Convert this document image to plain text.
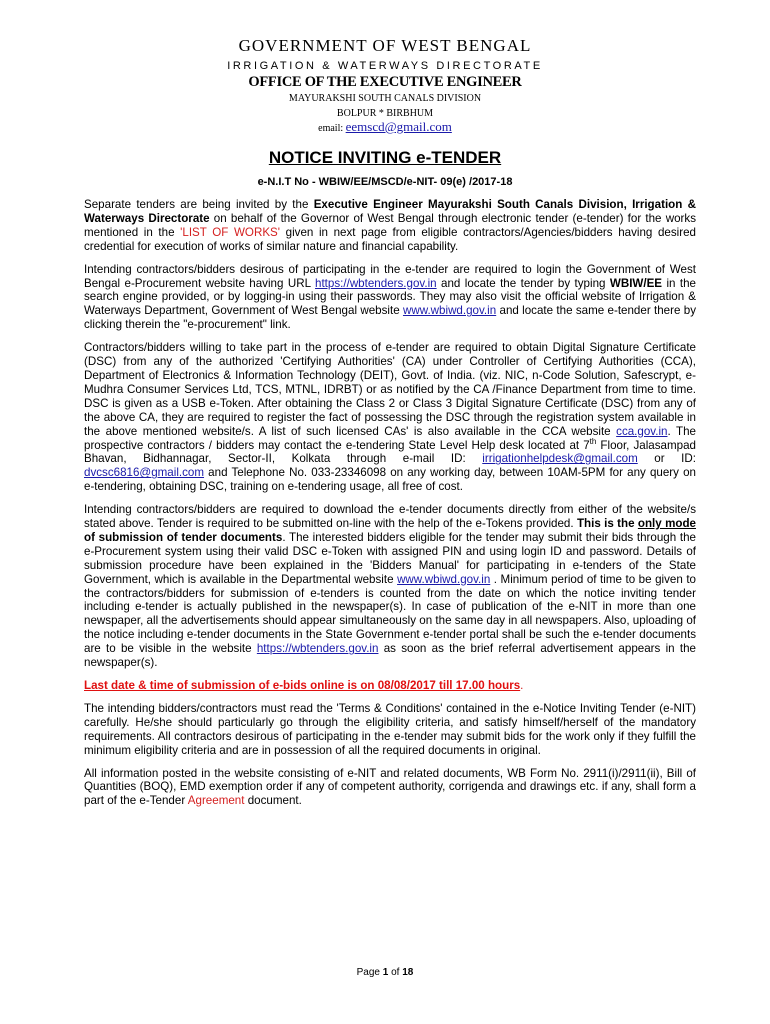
GOVERNMENT OF WEST BENGAL
IRRIGATION & WATERWAYS DIRECTORATE
OFFICE OF THE EXECUTIVE ENGINEER
MAYURAKSHI SOUTH CANALS DIVISION
BOLPUR * BIRBHUM
email: eemscd@gmail.com
NOTICE INVITING e-TENDER
e-N.I.T No - WBIW/EE/MSCD/e-NIT- 09(e) /2017-18

Separate tenders are being invited by the Executive Engineer Mayurakshi South Canals Division, Irrigation & Waterways Directorate on behalf of the Governor of West Bengal through electronic tender (e-tender) for the works mentioned in the 'LIST OF WORKS' given in next page from eligible contractors/Agencies/bidders having desired credential for execution of works of similar nature and financial capability.

Intending contractors/bidders desirous of participating in the e-tender are required to login the Government of West Bengal e-Procurement website having URL https://wbtenders.gov.in and locate the tender by typing WBIW/EE in the search engine provided, or by logging-in using their passwords. They may also visit the official website of Irrigation & Waterways Department, Government of West Bengal website www.wbiwd.gov.in and locate the same e-tender there by clicking therein the "e-procurement" link.

Contractors/bidders willing to take part in the process of e-tender are required to obtain Digital Signature Certificate (DSC) from any of the authorized 'Certifying Authorities' (CA) under Controller of Certifying Authorities (CCA), Department of Electronics & Information Technology (DEIT), Govt. of India. (viz. NIC, n-Code Solution, Safescrypt, e-Mudhra Consumer Services Ltd, TCS, MTNL, IDRBT) or as notified by the CA /Finance Department from time to time. DSC is given as a USB e-Token. After obtaining the Class 2 or Class 3 Digital Signature Certificate (DSC) from any of the above CA, they are required to register the fact of possessing the DSC through the registration system available in the above mentioned website/s. A list of such licensed CAs' is also available in the CCA website cca.gov.in. The prospective contractors / bidders may contact the e-tendering State Level Help desk located at 7th Floor, Jalasampad Bhavan, Bidhannagar, Sector-II, Kolkata through e-mail ID: irrigationhelpdesk@gmail.com or ID: dvcsc6816@gmail.com and Telephone No. 033-23346098 on any working day, between 10AM-5PM for any query on e-tendering, obtaining DSC, training on e-tendering usage, all free of cost.

Intending contractors/bidders are required to download the e-tender documents directly from either of the website/s stated above. Tender is required to be submitted on-line with the help of the e-Tokens provided. This is the only mode of submission of tender documents. The interested bidders eligible for the tender may submit their bids through the e-Procurement system using their valid DSC e-Token with assigned PIN and using login ID and password. Details of submission procedure have been explained in the 'Bidders Manual' for participating in e-tenders of the State Government, which is available in the Departmental website www.wbiwd.gov.in . Minimum period of time to be given to the contractors/bidders for submission of e-tenders is counted from the date on which the notice inviting tender including e-tender is actually published in the newspaper(s). In case of publication of the e-NIT in more than one newspaper, all the advertisements should appear simultaneously on the same day in all newspapers. Also, uploading of the notice including e-tender documents in the State Government e-tender portal shall be such the e-tender documents are to be visible in the website https://wbtenders.gov.in as soon as the brief referral advertisement appears in the newspaper(s).

Last date & time of submission of e-bids online is on 08/08/2017 till 17.00 hours.

The intending bidders/contractors must read the 'Terms & Conditions' contained in the e-Notice Inviting Tender (e-NIT) carefully. He/she should particularly go through the eligibility criteria, and satisfy himself/herself of the mandatory requirements. All contractors desirous of participating in the e-tender may submit bids for the work only if they fulfill the minimum eligibility criteria and are in possession of all the required documents in original.

All information posted in the website consisting of e-NIT and related documents, WB Form No. 2911(i)/2911(ii), Bill of Quantities (BOQ), EMD exemption order if any of competent authority, corrigenda and drawings etc. if any, shall form a part of the e-Tender Agreement document.

Page 1 of 18
